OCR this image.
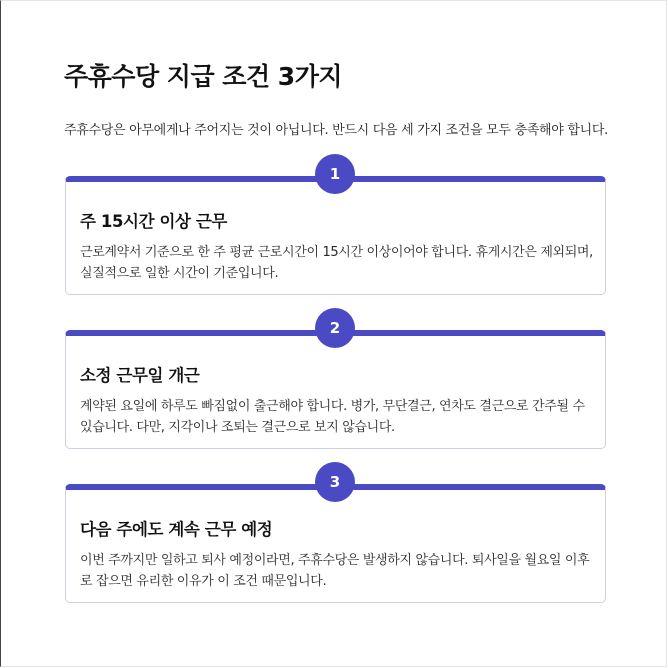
주휴수당 지급 조건 3가지

주휴수당은 아무에게나 주어지는 것이 아닙니다. 반드시 다음 세 가지 조건을 모두 충족해야 합니다.

1
주 15시간 이상 근무

근로계약서 기준으로 한 주 평균 근로시간이 15시간 이상이어야 합니다. 휴게시간은 제외되며,
실질적으로 일한 시간이 기준입니다.

2
소정 근무일 개근

계약된 요일에 하루도 빠짐없이 출근해야 합니다. 병가, 무단결근, 연차도 결근으로 간주될 수
있습니다. 다만, 지각이나 조퇴는 결근으로 보지 않습니다.

3
다음 주에도 계속 근무 예정

이번 주까지만 일하고 퇴사 예정이라면, 주휴수당은 발생하지 않습니다. 퇴사일을 월요일 이후
로 잡으면 유리한 이유가 이 조건 때문입니다.
